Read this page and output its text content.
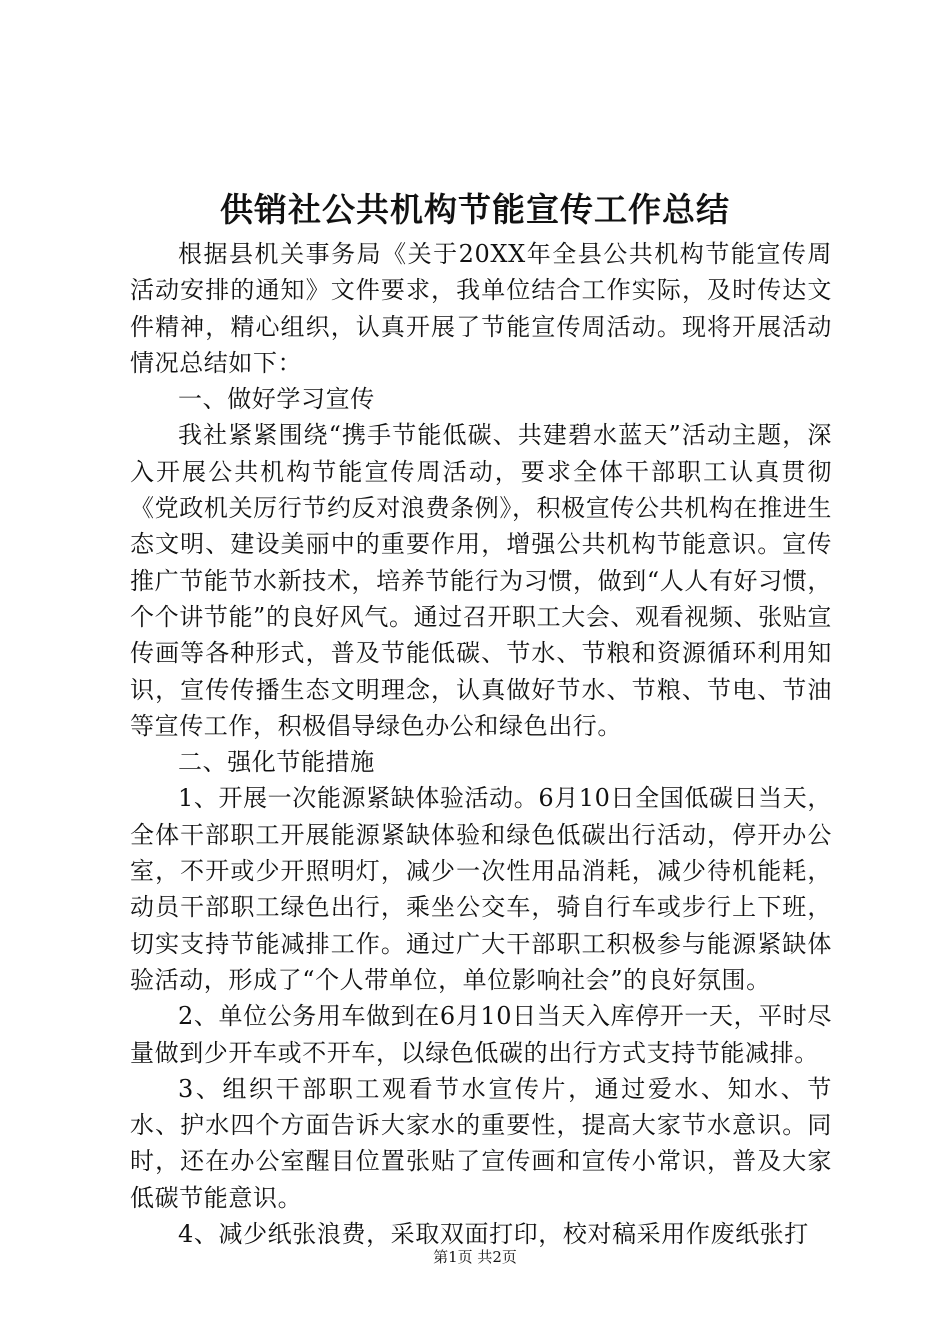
供销社公共机构节能宣传工作总结

根据县机关事务局《关于20XX年全县公共机构节能宣传周活动安排的通知》文件要求，我单位结合工作实际，及时传达文件精神，精心组织，认真开展了节能宣传周活动。现将开展活动情况总结如下：

一、做好学习宣传

我社紧紧围绕“携手节能低碳、共建碧水蓝天”活动主题，深入开展公共机构节能宣传周活动，要求全体干部职工认真贯彻《党政机关厉行节约反对浪费条例》，积极宣传公共机构在推进生态文明、建设美丽中的重要作用，增强公共机构节能意识。宣传推广节能节水新技术，培养节能行为习惯，做到“人人有好习惯，个个讲节能”的良好风气。通过召开职工大会、观看视频、张贴宣传画等各种形式，普及节能低碳、节水、节粮和资源循环利用知识，宣传传播生态文明理念，认真做好节水、节粮、节电、节油等宣传工作，积极倡导绿色办公和绿色出行。

二、强化节能措施

1、开展一次能源紧缺体验活动。6月10日全国低碳日当天，全体干部职工开展能源紧缺体验和绿色低碳出行活动，停开办公室，不开或少开照明灯，减少一次性用品消耗，减少待机能耗，动员干部职工绿色出行，乘坐公交车，骑自行车或步行上下班，切实支持节能减排工作。通过广大干部职工积极参与能源紧缺体验活动，形成了“个人带单位，单位影响社会”的良好氛围。

2、单位公务用车做到在6月10日当天入库停开一天，平时尽量做到少开车或不开车，以绿色低碳的出行方式支持节能减排。

3、组织干部职工观看节水宣传片，通过爱水、知水、节水、护水四个方面告诉大家水的重要性，提高大家节水意识。同时，还在办公室醒目位置张贴了宣传画和宣传小常识，普及大家低碳节能意识。

4、减少纸张浪费，采取双面打印，校对稿采用作废纸张打

第1页 共2页
